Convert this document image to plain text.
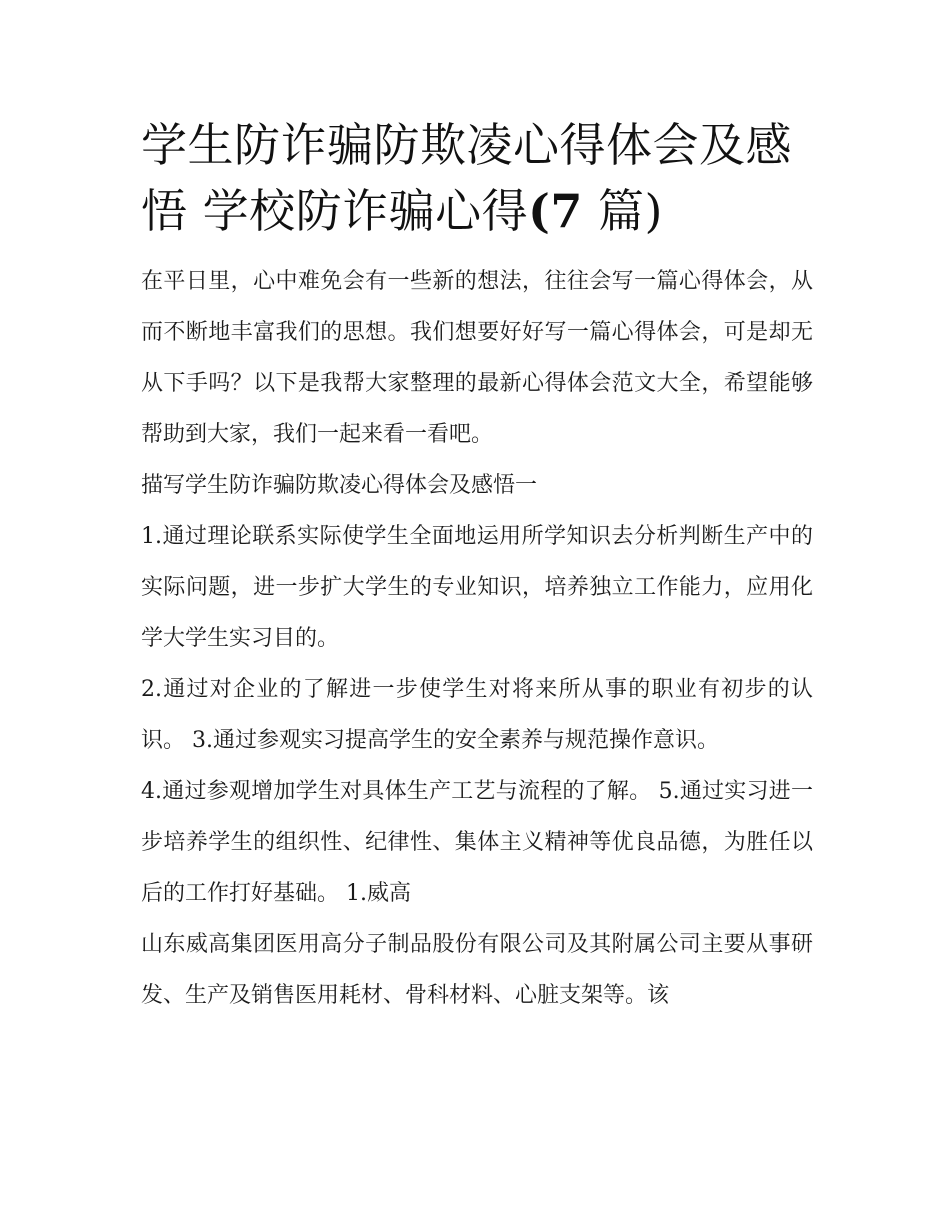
学生防诈骗防欺凌心得体会及感悟 学校防诈骗心得(7 篇)

在平日里，心中难免会有一些新的想法，往往会写一篇心得体会，从而不断地丰富我们的思想。我们想要好好写一篇心得体会，可是却无从下手吗？以下是我帮大家整理的最新心得体会范文大全，希望能够帮助到大家，我们一起来看一看吧。

描写学生防诈骗防欺凌心得体会及感悟一

1.通过理论联系实际使学生全面地运用所学知识去分析判断生产中的实际问题，进一步扩大学生的专业知识，培养独立工作能力，应用化学大学生实习目的。

2.通过对企业的了解进一步使学生对将来所从事的职业有初步的认识。 3.通过参观实习提高学生的安全素养与规范操作意识。

4.通过参观增加学生对具体生产工艺与流程的了解。 5.通过实习进一步培养学生的组织性、纪律性、集体主义精神等优良品德，为胜任以后的工作打好基础。 1.威高

山东威高集团医用高分子制品股份有限公司及其附属公司主要从事研发、生产及销售医用耗材、骨科材料、心脏支架等。该
